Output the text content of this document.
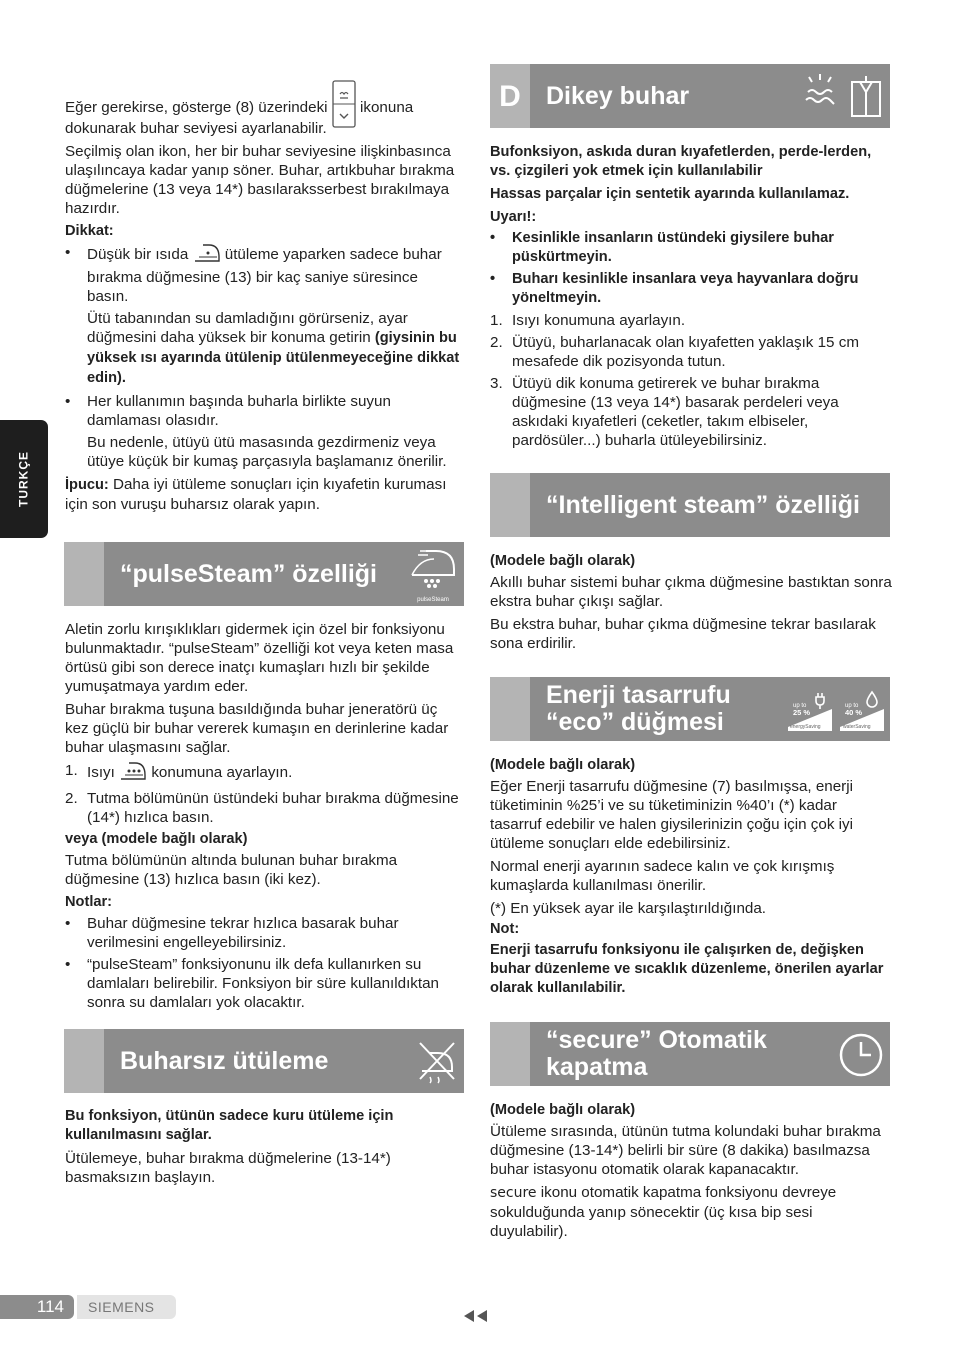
TURKÇE

Eğer gerekirse, gösterge (8) üzerindeki ikonuna dokunarak buhar seviyesi ayarlanabilir.

Seçilmiş olan ikon, her bir buhar seviyesine ilişkinbasınca ulaşılıncaya kadar yanıp söner. Buhar, artıkbuhar bırakma düğmelerine (13 veya 14*) basılaraksserbest bırakılmaya hazırdır.

Dikkat:

• Düşük bir ısıda ütüleme yaparken sadece buhar bırakma düğmesine (13) bir kaç saniye süresince basın.

Ütü tabanından su damladığını görürseniz, ayar düğmesini daha yüksek bir konuma getirin (giysinin bu yüksek ısı ayarında ütülenip ütülenmeyeceğine dikkat edin).

• Her kullanımın başında buharla birlikte suyun damlaması olasıdır.

Bu nedenle, ütüyü ütü masasında gezdirmeniz veya ütüye küçük bir kumaş parçasıyla başlamanız önerilir.

İpucu: Daha iyi ütüleme sonuçları için kıyafetin kuruması için son vuruşu buharsız olarak yapın.

“pulseSteam” özelliği
pulseSteam

Aletin zorlu kırışıklıkları gidermek için özel bir fonksiyonu bulunmaktadır. “pulseSteam” özelliği kot veya keten masa örtüsü gibi son derece inatçı kumaşları hızlı bir şekilde yumuşatmaya yardım eder.

Buhar bırakma tuşuna basıldığında buhar jeneratörü üç kez güçlü bir buhar vererek kumaşın en derinlerine kadar buhar ulaşmasını sağlar.

1. Isıyı konumuna ayarlayın.
2. Tutma bölümünün üstündeki buhar bırakma düğmesine (14*) hızlıca basın.

veya (modele bağlı olarak)

Tutma bölümünün altında bulunan buhar bırakma düğmesine (13) hızlıca basın (iki kez).

Notlar:

• Buhar düğmesine tekrar hızlıca basarak buhar verilmesini engelleyebilirsiniz.
• “pulseSteam” fonksiyonunu ilk defa kullanırken su damlaları belirebilir. Fonksiyon bir süre kullanıldıktan sonra su damlaları yok olacaktır.
Buharsız ütüleme

Bu fonksiyon, ütünün sadece kuru ütüleme için kullanılmasını sağlar.

Ütülemeye, buhar bırakma düğmelerine (13-14*) basmaksızın başlayın.

D Dikey buhar

Bufonksiyon, askıda duran kıyafetlerden, perde-lerden, vs. çizgileri yok etmek için kullanılabilir

Hassas parçalar için sentetik ayarında kullanılamaz.

Uyarı!:

• Kesinlikle insanların üstündeki giysilere buhar püskürtmeyin.
• Buharı kesinlikle insanlara veya hayvanlara doğru yöneltmeyin.
1. Isıyı konumuna ayarlayın.
2. Ütüyü, buharlanacak olan kıyafetten yaklaşık 15 cm mesafede dik pozisyonda tutun.
3. Ütüyü dik konuma getirerek ve buhar bırakma düğmesine (13 veya 14*) basarak perdeleri veya askıdaki kıyafetleri (ceketler, takım elbiseler, pardösüler...) buharla ütüleyebilirsiniz.
“Intelligent steam” özelliği

(Modele bağlı olarak)

Akıllı buhar sistemi buhar çıkma düğmesine bastıktan sonra ekstra buhar çıkışı sağlar.

Bu ekstra buhar, buhar çıkma düğmesine tekrar basılarak sona erdirilir.

Enerji tasarrufu
“eco” düğmesi
up to
25 %
energySaving
up to
40 %
waterSaving

(Modele bağlı olarak)

Eğer Enerji tasarrufu düğmesine (7) basılmışsa, enerji tüketiminin %25’i ve su tüketiminizin %40’ı (*) kadar tasarruf edebilir ve halen giysilerinizin çoğu için çok iyi ütüleme sonuçları elde edebilirsiniz.

Normal enerji ayarının sadece kalın ve çok kırışmış kumaşlarda kullanılması önerilir.

(*) En yüksek ayar ile karşılaştırıldığında.

Not:

Enerji tasarrufu fonksiyonu ile çalışırken de, değişken buhar düzenleme ve sıcaklık düzenleme, önerilen ayarlar olarak kullanılabilir.

“secure” Otomatik
kapatma

(Modele bağlı olarak)

Ütüleme sırasında, ütünün tutma kolundaki buhar bırakma düğmesine (13-14*) belirli bir süre (8 dakika) basılmazsa buhar istasyonu otomatik olarak kapanacaktır.

secure ikonu otomatik kapatma fonksiyonu devreye sokulduğunda yanıp sönecektir (üç kısa bip sesi duyulabilir).

114 SIEMENS
